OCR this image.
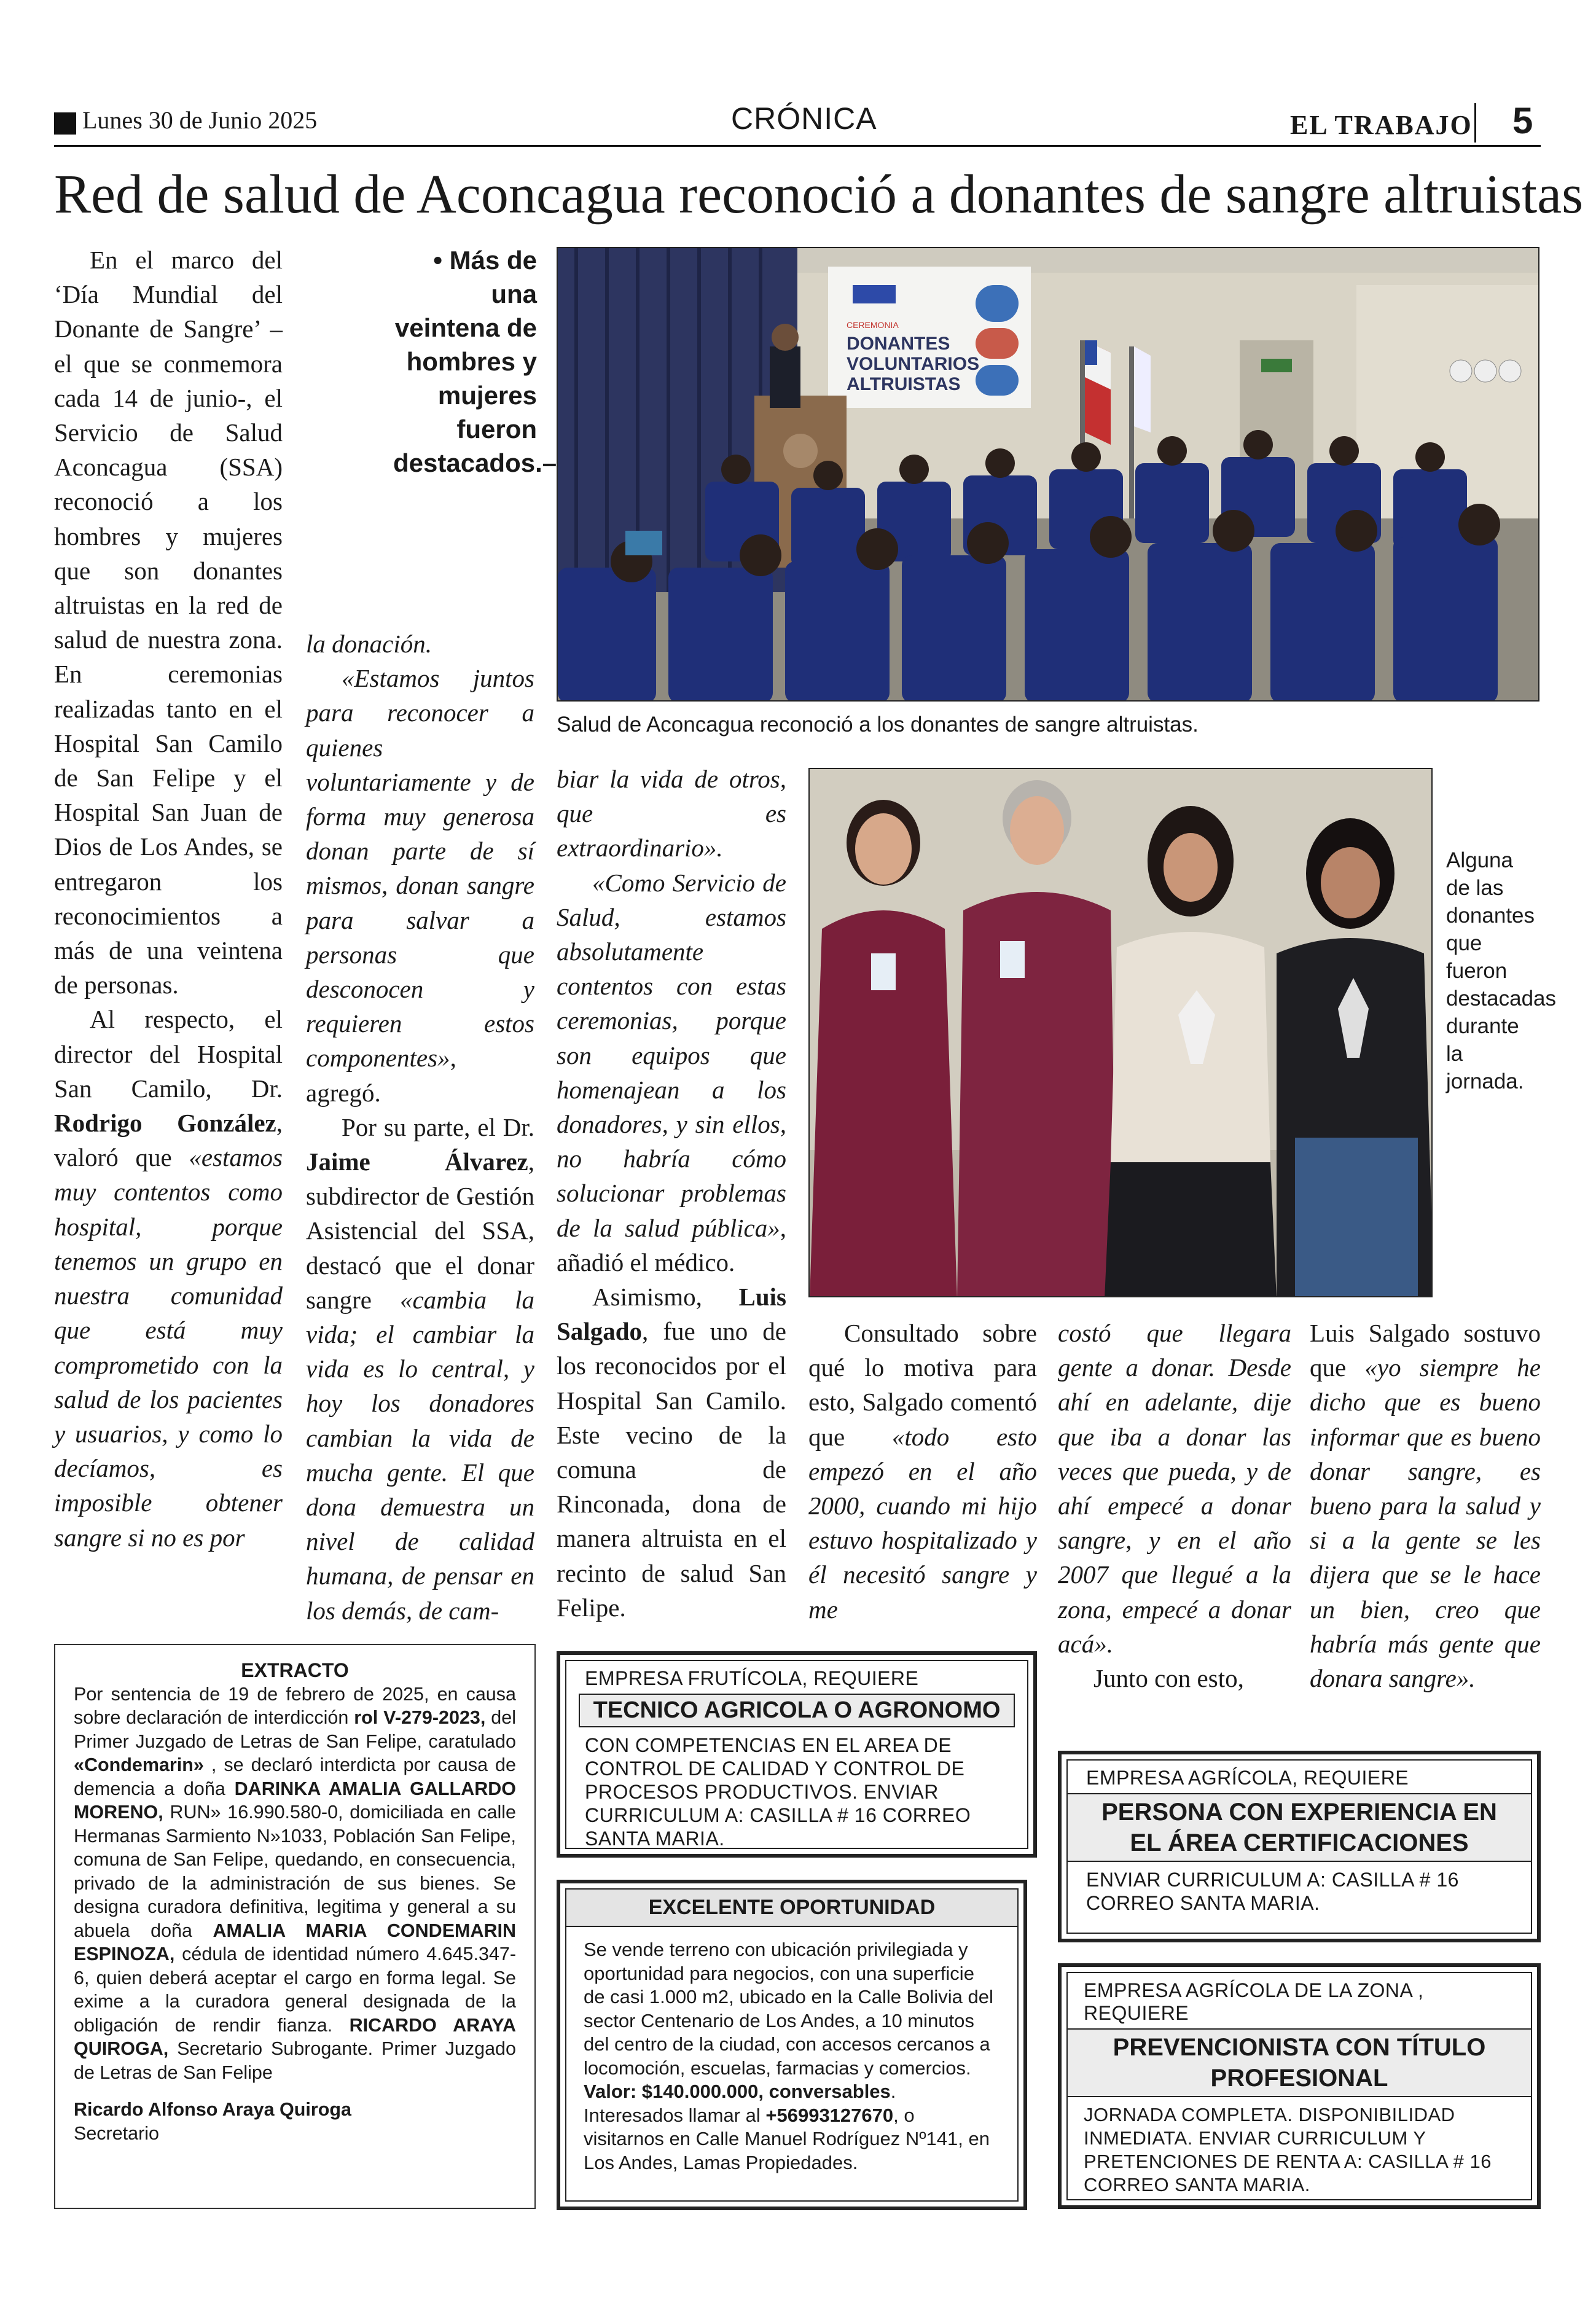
Lunes 30 de Junio 2025	CRÓNICA	EL TRABAJO 5
Red de salud de Aconcagua reconoció a donantes de sangre altruistas

En el marco del ‘Día Mundial del Donante de Sangre’ –el que se conmemora cada 14 de junio-, el Servicio de Salud Aconcagua (SSA) reconoció a los hombres y mujeres que son donantes altruistas en la red de salud de nuestra zona. En ceremonias realizadas tanto en el Hospital San Camilo de San Felipe y el Hospital San Juan de Dios de Los Andes, se entregaron los reconocimientos a más de una veintena de personas.

Al respecto, el director del Hospital San Camilo, Dr. Rodrigo González, valoró que «estamos muy contentos como hospital, porque tenemos un grupo en nuestra comunidad que está muy comprometido con la salud de los pacientes y usuarios, y como lo decíamos, es imposible obtener sangre si no es por

• Más de una veintena de hombres y mujeres fueron destacados.–

la donación.

«Estamos juntos para reconocer a quienes voluntariamente y de forma muy generosa donan parte de sí mismos, donan sangre para salvar a personas que desconocen y requieren estos componentes», agregó.

Por su parte, el Dr. Jaime Álvarez, subdirector de Gestión Asistencial del SSA, destacó que el donar sangre «cambia la vida; el cambiar la vida es lo central, y hoy los donadores cambian la vida de mucha gente. El que dona demuestra un nivel de calidad humana, de pensar en los demás, de cam-

CEREMONIA
DONANTES
VOLUNTARIOS
ALTRUISTAS
Salud de Aconcagua reconoció a los donantes de sangre altruistas.

biar la vida de otros, que es extraordinario».

«Como Servicio de Salud, estamos absolutamente contentos con estas ceremonias, porque son equipos que homenajean a los donadores, y sin ellos, no habría cómo solucionar problemas de la salud pública», añadió el médico.

Asimismo, Luis Salgado, fue uno de los reconocidos por el Hospital San Camilo. Este vecino de la comuna de Rinconada, dona de manera altruista en el recinto de salud San Felipe.

Alguna de las donantes que fueron destacadas durante la jornada.

Consultado sobre qué lo motiva para esto, Salgado comentó que «todo esto empezó en el año 2000, cuando mi hijo estuvo hospitalizado y él necesitó sangre y me

costó que llegara gente a donar. Desde ahí en adelante, dije que iba a donar las veces que pueda, y de ahí empecé a donar sangre, y en el año 2007 que llegué a la zona, empecé a donar acá».

Junto con esto,

Luis Salgado sostuvo que «yo siempre he dicho que es bueno informar que es bueno donar sangre, es bueno para la salud y si a la gente se les dijera que se le hace un bien, creo que habría más gente que donara sangre».

EXTRACTO
Por sentencia de 19 de febrero de 2025, en causa sobre declaración de interdicción rol V-279-2023, del Primer Juzgado de Letras de San Felipe, caratulado «Condemarin» , se declaró interdicta por causa de demencia a doña DARINKA AMALIA GALLARDO MORENO, RUN» 16.990.580-0, domiciliada en calle Hermanas Sarmiento N»1033, Población San Felipe, comuna de San Felipe, quedando, en consecuencia, privado de la administración de sus bienes. Se designa curadora definitiva, legitima y general a su abuela doña AMALIA MARIA CONDEMARIN ESPINOZA, cédula de identidad número 4.645.347-6, quien deberá aceptar el cargo en forma legal. Se exime a la curadora general designada de la obligación de rendir fianza. RICARDO ARAYA QUIROGA, Secretario Subrogante. Primer Juzgado de Letras de San Felipe
Ricardo Alfonso Araya Quiroga
Secretario
EMPRESA FRUTÍCOLA, REQUIERE
TECNICO AGRICOLA O AGRONOMO
CON COMPETENCIAS EN EL AREA DE CONTROL DE CALIDAD Y CONTROL DE PROCESOS PRODUCTIVOS. ENVIAR CURRICULUM A: CASILLA # 16 CORREO SANTA MARIA.
EXCELENTE OPORTUNIDAD
Se vende terreno con ubicación privilegiada y oportunidad para negocios, con una superficie de casi 1.000 m2, ubicado en la Calle Bolivia del sector Centenario de Los Andes, a 10 minutos del centro de la ciudad, con accesos cercanos a locomoción, escuelas, farmacias y comercios. Valor: $140.000.000, conversables. Interesados llamar al +56993127670, o visitarnos en Calle Manuel Rodríguez Nº141, en Los Andes, Lamas Propiedades.
EMPRESA AGRÍCOLA, REQUIERE
PERSONA CON EXPERIENCIA EN EL ÁREA CERTIFICACIONES
ENVIAR CURRICULUM A: CASILLA # 16 CORREO SANTA MARIA.
EMPRESA AGRÍCOLA DE LA ZONA , REQUIERE
PREVENCIONISTA CON TÍTULO PROFESIONAL
JORNADA COMPLETA. DISPONIBILIDAD INMEDIATA. ENVIAR CURRICULUM Y PRETENCIONES DE RENTA A: CASILLA # 16 CORREO SANTA MARIA.
